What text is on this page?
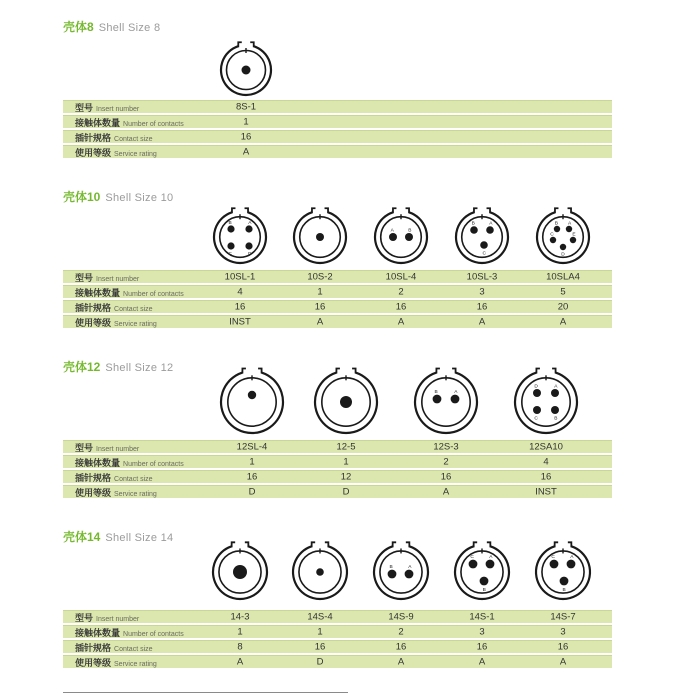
壳体8 Shell Size 8
型号 Insert number	8S-1
接触体数量 Number of contacts	1
插针规格 Contact size	16
使用等级 Service rating	A
壳体10 Shell Size 10
B	A
C	D
A	B
B	A
C
B A
E
D
C
型号 Insert number	10SL-1	10S-2	10SL-4	10SL-3	10SLA4
接触体数量 Number of contacts	4	1	2	3	5
插针规格 Contact size	16	16	16	16	20
使用等级 Service rating	INST	A	A	A	A
壳体12 Shell Size 12
B	A
D	A
C	B
型号 Insert number	12SL-4	12-5	12S-3	12SA10
接触体数量 Number of contacts	1	1	2	4
插针规格 Contact size	16	12	16	16
使用等级 Service rating	D	D	A	INST
壳体14 Shell Size 14
B	A
C	A
B
C	A
B
型号 Insert number	14-3	14S-4	14S-9	14S-1	14S-7
接触体数量 Number of contacts	1	1	2	3	3
插针规格 Contact size	8	16	16	16	16
使用等级 Service rating	A	D	A	A	A
